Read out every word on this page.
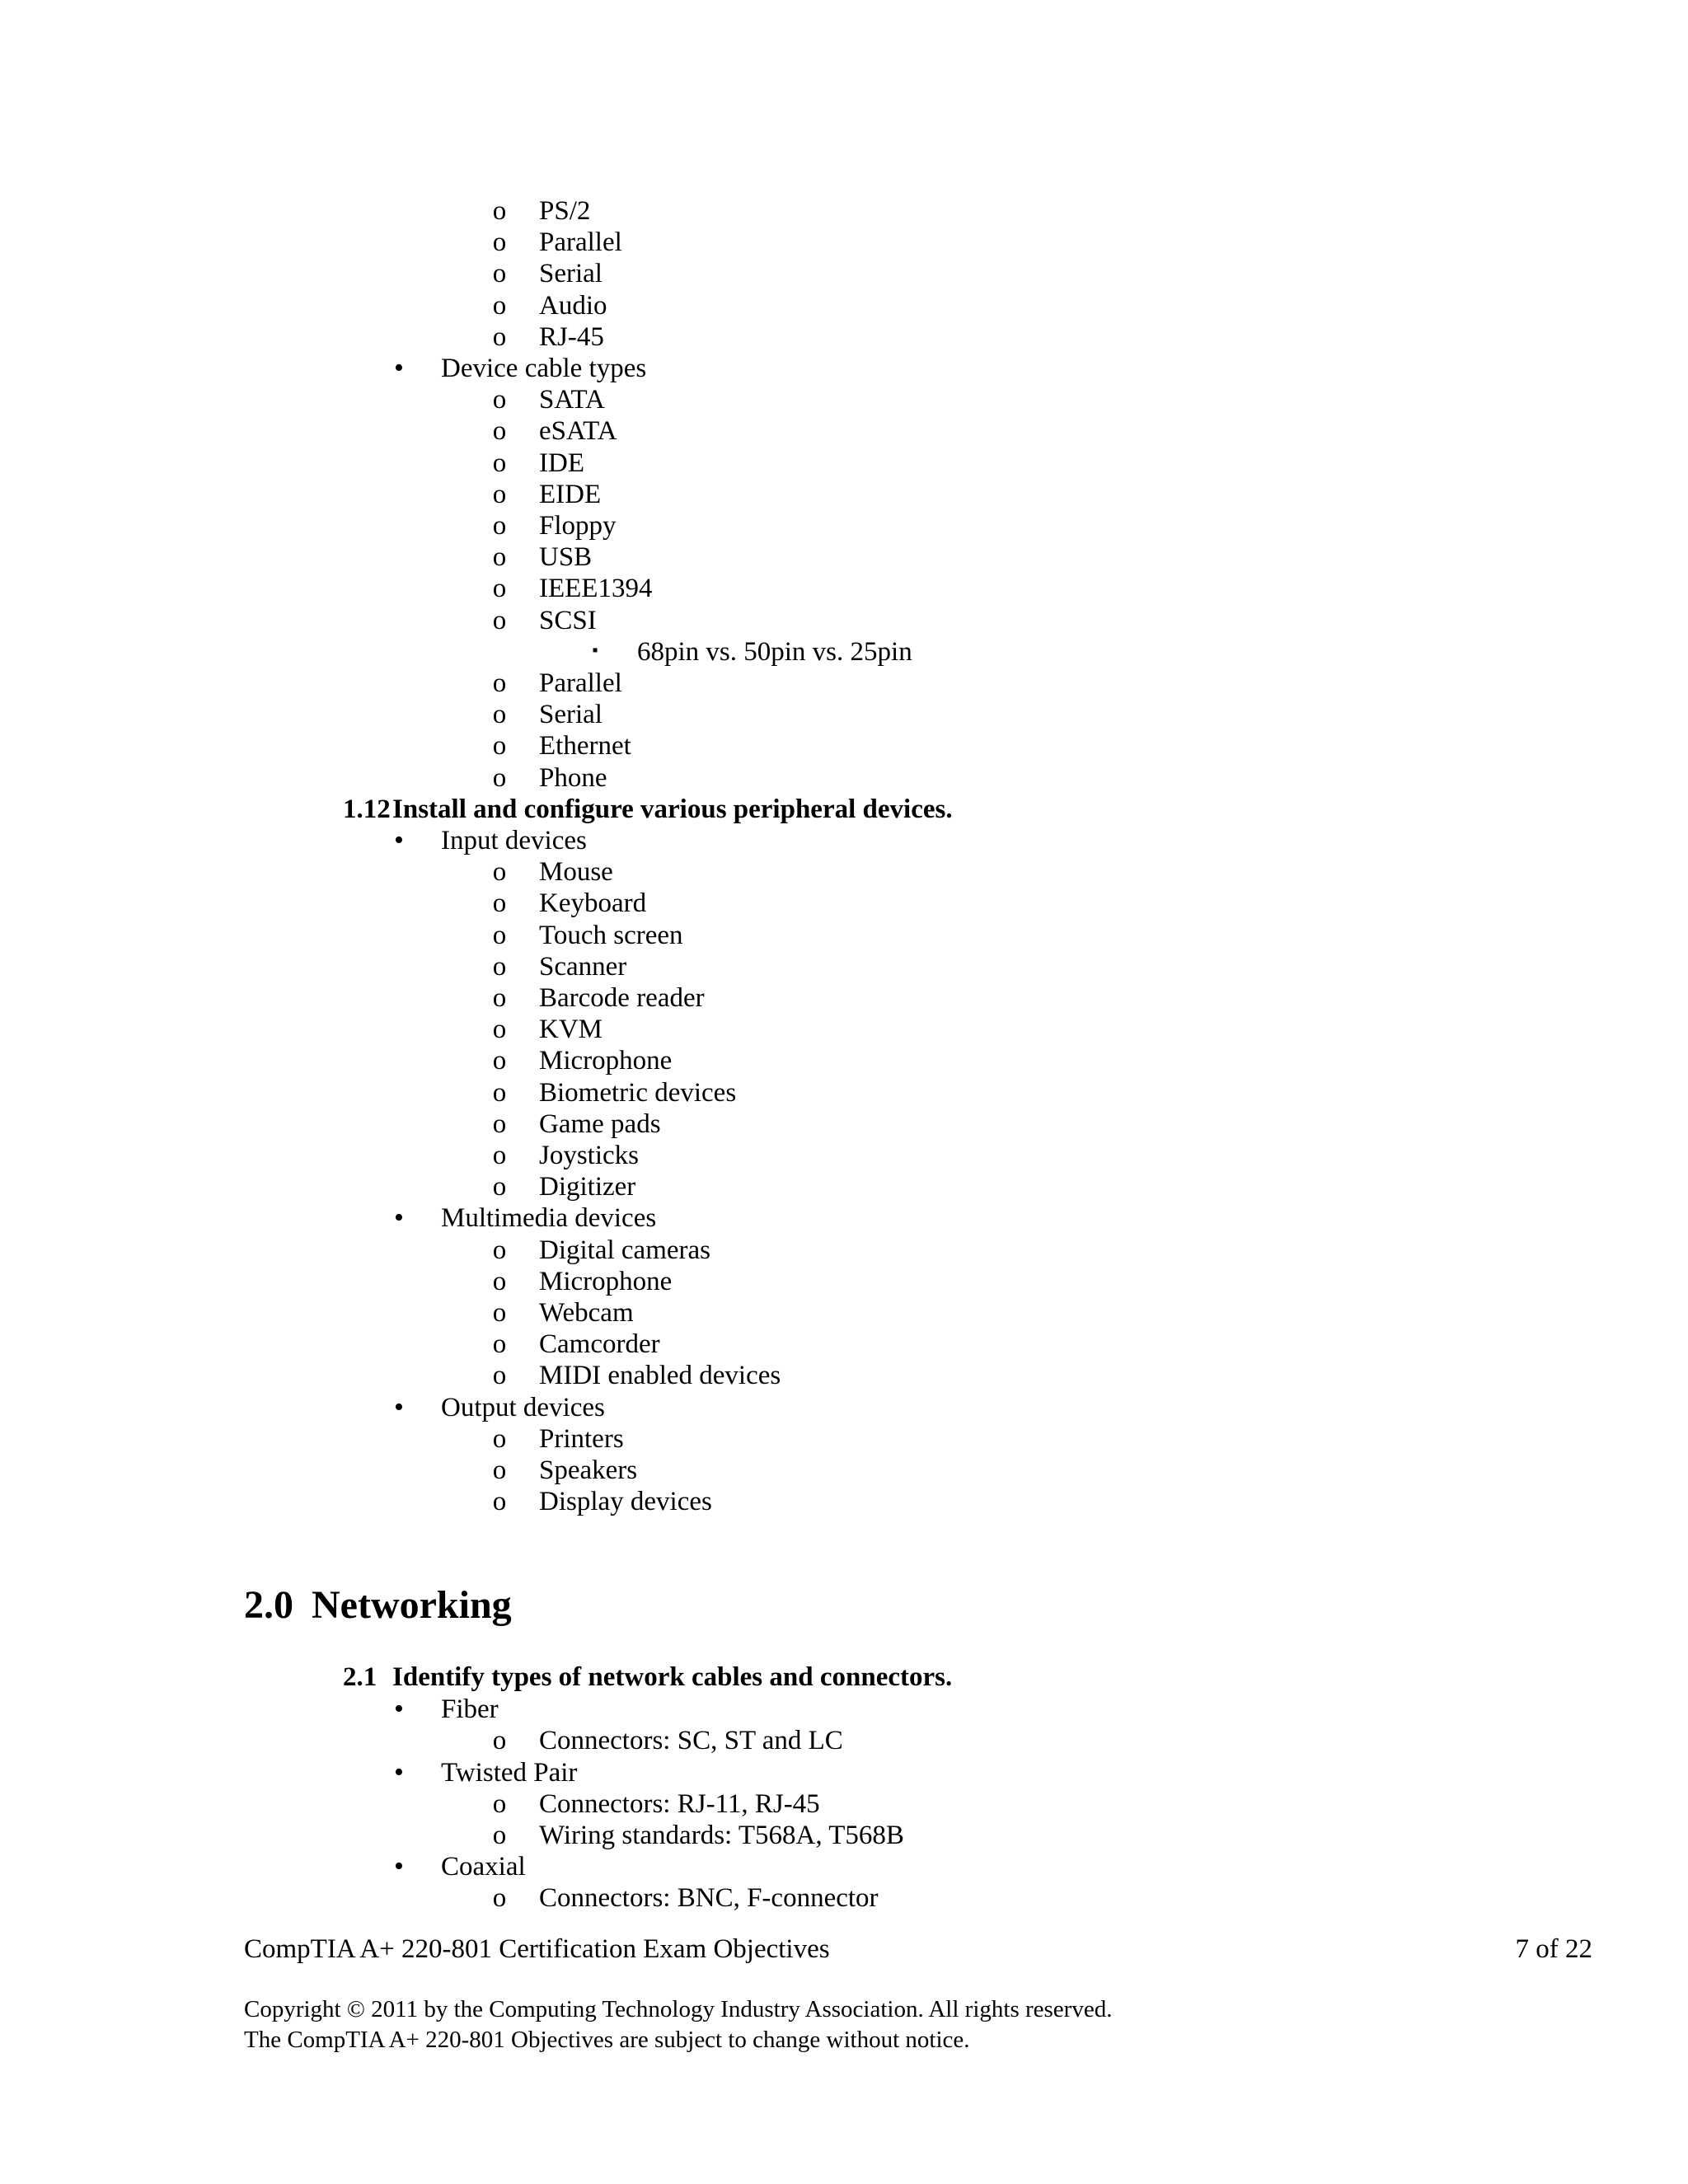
o PS/2
o Parallel
o Serial
o Audio
o RJ-45
• Device cable types
o SATA
o eSATA
o IDE
o EIDE
o Floppy
o USB
o IEEE1394
o SCSI
▪ 68pin vs. 50pin vs. 25pin
o Parallel
o Serial
o Ethernet
o Phone
1.12Install and configure various peripheral devices.
• Input devices
o Mouse
o Keyboard
o Touch screen
o Scanner
o Barcode reader
o KVM
o Microphone
o Biometric devices
o Game pads
o Joysticks
o Digitizer
• Multimedia devices
o Digital cameras
o Microphone
o Webcam
o Camcorder
o MIDI enabled devices
• Output devices
o Printers
o Speakers
o Display devices
2.0 Networking
2.1 Identify types of network cables and connectors.
• Fiber
o Connectors: SC, ST and LC
• Twisted Pair
o Connectors: RJ-11, RJ-45
o Wiring standards: T568A, T568B
• Coaxial
o Connectors: BNC, F-connector
CompTIA A+ 220-801 Certification Exam Objectives	7 of 22
Copyright © 2011 by the Computing Technology Industry Association. All rights reserved.
The CompTIA A+ 220-801 Objectives are subject to change without notice.
